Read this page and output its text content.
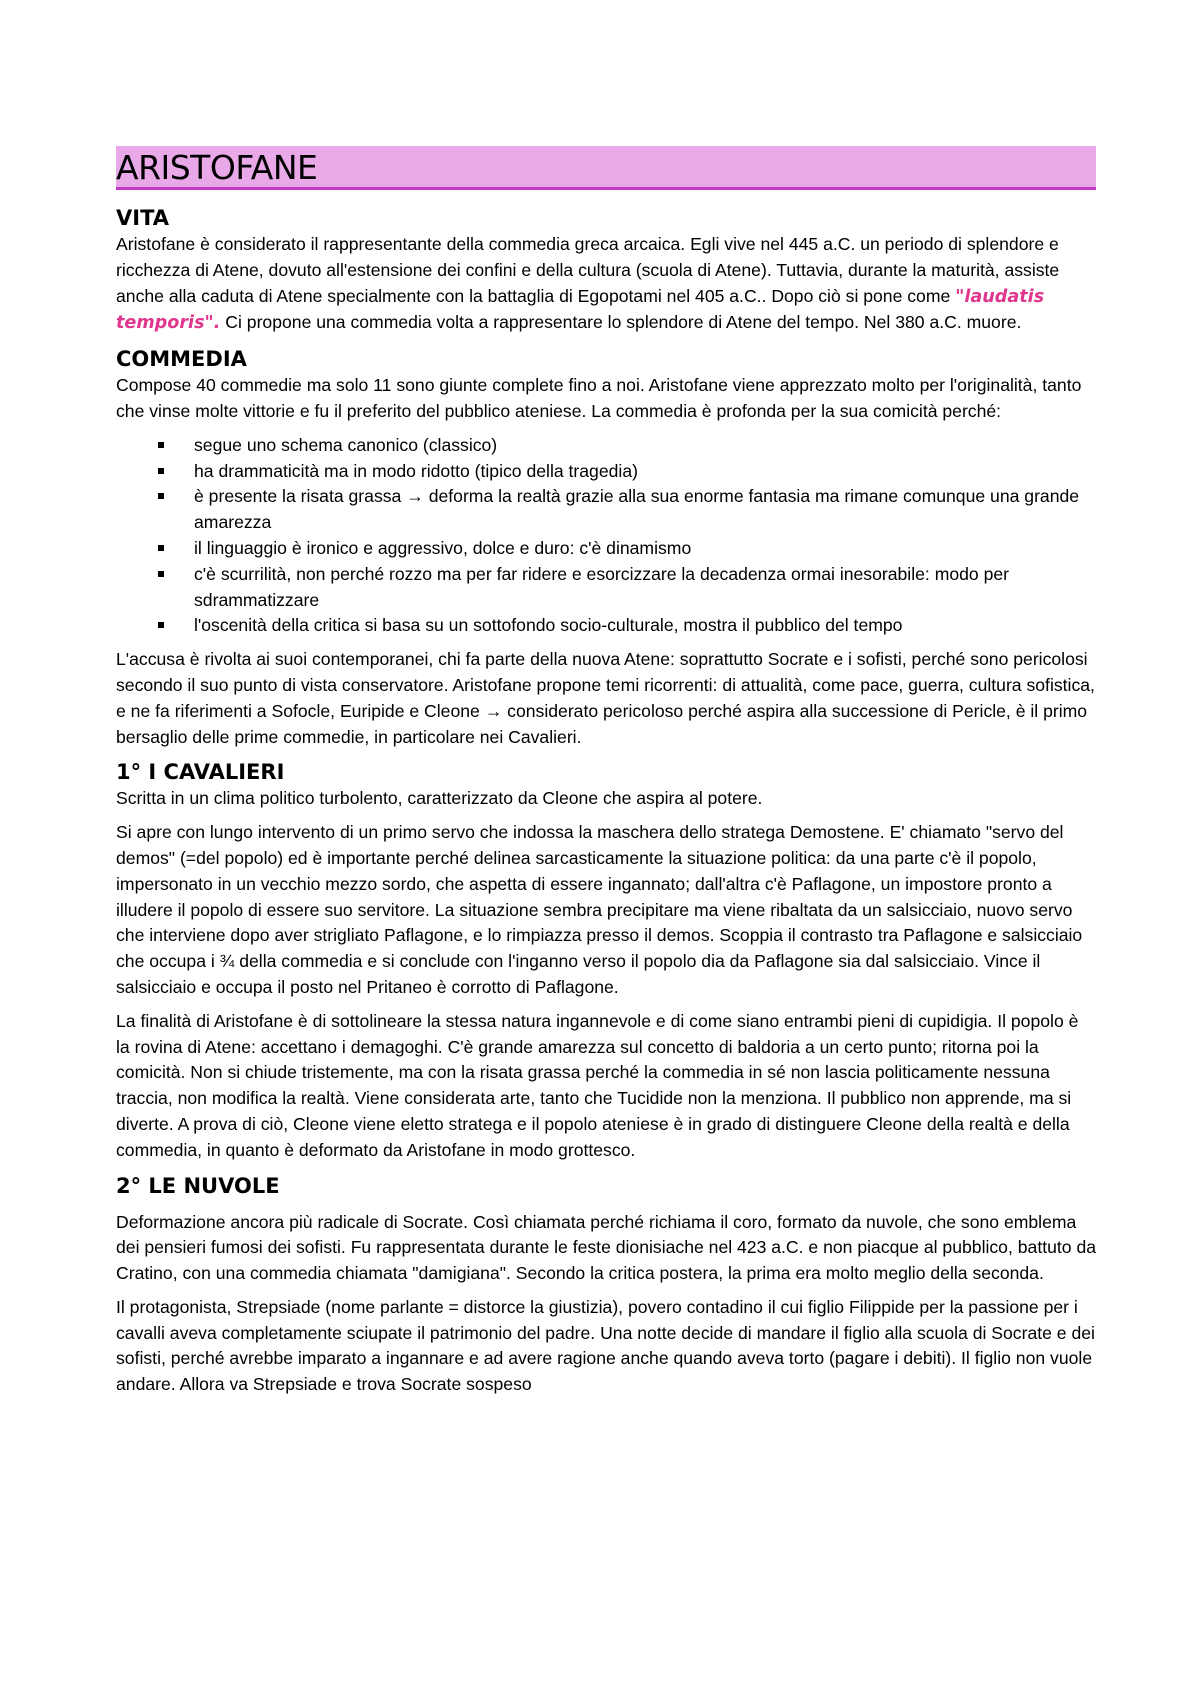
ARISTOFANE
VITA

Aristofane è considerato il rappresentante della commedia greca arcaica. Egli vive nel 445 a.C. un periodo di splendore e ricchezza di Atene, dovuto all'estensione dei confini e della cultura (scuola di Atene). Tuttavia, durante la maturità, assiste anche alla caduta di Atene specialmente con la battaglia di Egopotami nel 405 a.C.. Dopo ciò si pone come "laudatis temporis". Ci propone una commedia volta a rappresentare lo splendore di Atene del tempo. Nel 380 a.C. muore.

COMMEDIA

Compose 40 commedie ma solo 11 sono giunte complete fino a noi. Aristofane viene apprezzato molto per l'originalità, tanto che vinse molte vittorie e fu il preferito del pubblico ateniese. La commedia è profonda per la sua comicità perché:

segue uno schema canonico (classico)
ha drammaticità ma in modo ridotto (tipico della tragedia)
è presente la risata grassa → deforma la realtà grazie alla sua enorme fantasia ma rimane comunque una grande amarezza
il linguaggio è ironico e aggressivo, dolce e duro: c'è dinamismo
c'è scurrilità, non perché rozzo ma per far ridere e esorcizzare la decadenza ormai inesorabile: modo per sdrammatizzare
l'oscenità della critica si basa su un sottofondo socio-culturale, mostra il pubblico del tempo

L'accusa è rivolta ai suoi contemporanei, chi fa parte della nuova Atene: soprattutto Socrate e i sofisti, perché sono pericolosi secondo il suo punto di vista conservatore. Aristofane propone temi ricorrenti: di attualità, come pace, guerra, cultura sofistica, e ne fa riferimenti a Sofocle, Euripide e Cleone → considerato pericoloso perché aspira alla successione di Pericle, è il primo bersaglio delle prime commedie, in particolare nei Cavalieri.

1° I CAVALIERI

Scritta in un clima politico turbolento, caratterizzato da Cleone che aspira al potere.

Si apre con lungo intervento di un primo servo che indossa la maschera dello stratega Demostene. E' chiamato "servo del demos" (=del popolo) ed è importante perché delinea sarcasticamente la situazione politica: da una parte c'è il popolo, impersonato in un vecchio mezzo sordo, che aspetta di essere ingannato; dall'altra c'è Paflagone, un impostore pronto a illudere il popolo di essere suo servitore. La situazione sembra precipitare ma viene ribaltata da un salsicciaio, nuovo servo che interviene dopo aver strigliato Paflagone, e lo rimpiazza presso il demos. Scoppia il contrasto tra Paflagone e salsicciaio che occupa i ¾ della commedia e si conclude con l'inganno verso il popolo dia da Paflagone sia dal salsicciaio. Vince il salsicciaio e occupa il posto nel Pritaneo è corrotto di Paflagone.

La finalità di Aristofane è di sottolineare la stessa natura ingannevole e di come siano entrambi pieni di cupidigia. Il popolo è la rovina di Atene: accettano i demagoghi. C'è grande amarezza sul concetto di baldoria a un certo punto; ritorna poi la comicità. Non si chiude tristemente, ma con la risata grassa perché la commedia in sé non lascia politicamente nessuna traccia, non modifica la realtà. Viene considerata arte, tanto che Tucidide non la menziona. Il pubblico non apprende, ma si diverte. A prova di ciò, Cleone viene eletto stratega e il popolo ateniese è in grado di distinguere Cleone della realtà e della commedia, in quanto è deformato da Aristofane in modo grottesco.

2° LE NUVOLE

Deformazione ancora più radicale di Socrate. Così chiamata perché richiama il coro, formato da nuvole, che sono emblema dei pensieri fumosi dei sofisti. Fu rappresentata durante le feste dionisiache nel 423 a.C. e non piacque al pubblico, battuto da Cratino, con una commedia chiamata "damigiana". Secondo la critica postera, la prima era molto meglio della seconda.

Il protagonista, Strepsiade (nome parlante = distorce la giustizia), povero contadino il cui figlio Filippide per la passione per i cavalli aveva completamente sciupate il patrimonio del padre. Una notte decide di mandare il figlio alla scuola di Socrate e dei sofisti, perché avrebbe imparato a ingannare e ad avere ragione anche quando aveva torto (pagare i debiti). Il figlio non vuole andare. Allora va Strepsiade e trova Socrate sospeso
